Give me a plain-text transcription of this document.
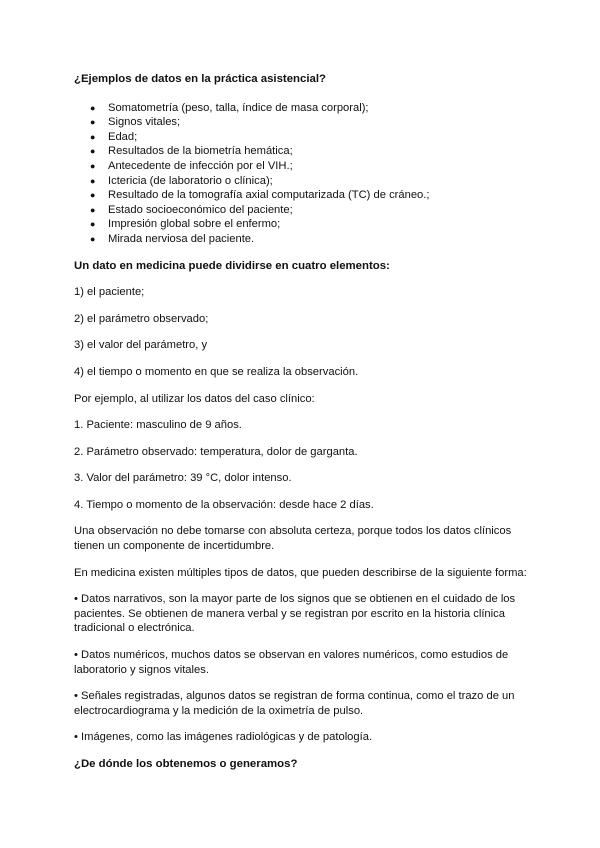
¿Ejemplos de datos en la práctica asistencial?
● Somatometría (peso, talla, índice de masa corporal);
● Signos vitales;
● Edad;
● Resultados de la biometría hemática;
● Antecedente de infección por el VIH.;
● Ictericia (de laboratorio o clínica);
● Resultado de la tomografía axial computarizada (TC) de cráneo.;
● Estado socioeconómico del paciente;
● Impresión global sobre el enfermo;
● Mirada nerviosa del paciente.
Un dato en medicina puede dividirse en cuatro elementos:

1) el paciente;

2) el parámetro observado;

3) el valor del parámetro, y

4) el tiempo o momento en que se realiza la observación.

Por ejemplo, al utilizar los datos del caso clínico:

1. Paciente: masculino de 9 años.

2. Parámetro observado: temperatura, dolor de garganta.

3. Valor del parámetro: 39 °C, dolor intenso.

4. Tiempo o momento de la observación: desde hace 2 días.

Una observación no debe tomarse con absoluta certeza, porque todos los datos clínicos tienen un componente de incertidumbre.

En medicina existen múltiples tipos de datos, que pueden describirse de la siguiente forma:

• Datos narrativos, son la mayor parte de los signos que se obtienen en el cuidado de los pacientes. Se obtienen de manera verbal y se registran por escrito en la historia clínica tradicional o electrónica.

• Datos numéricos, muchos datos se observan en valores numéricos, como estudios de laboratorio y signos vitales.

• Señales registradas, algunos datos se registran de forma continua, como el trazo de un electrocardiograma y la medición de la oximetría de pulso.

• Imágenes, como las imágenes radiológicas y de patología.

¿De dónde los obtenemos o generamos?
